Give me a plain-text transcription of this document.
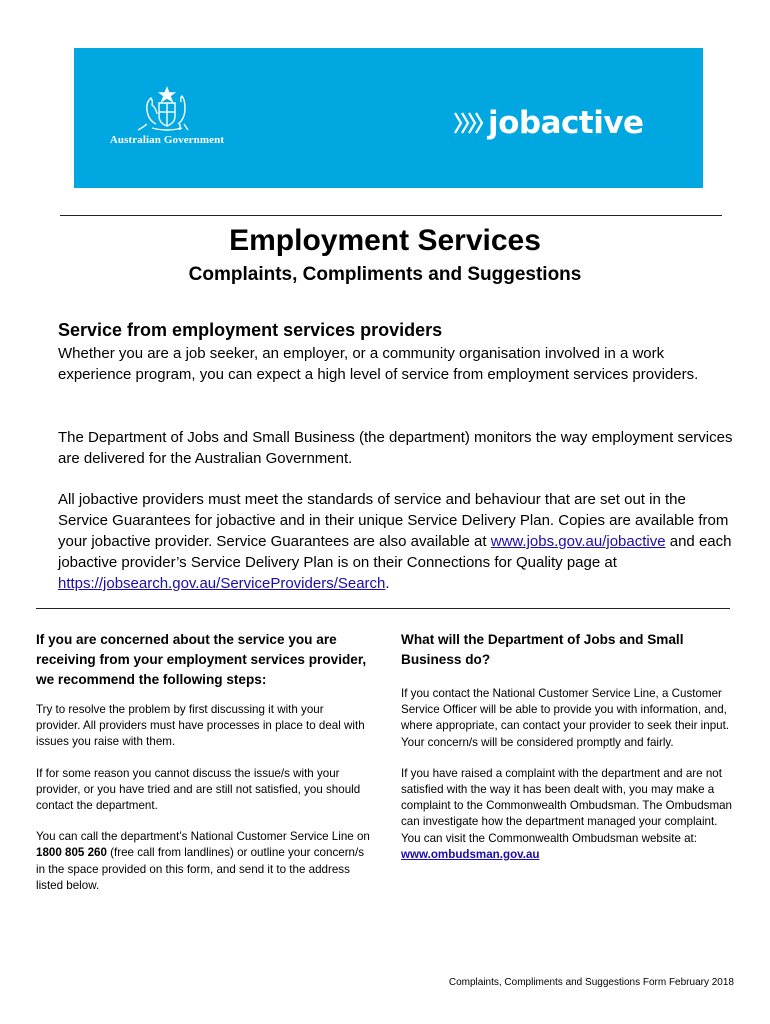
Australian Government	jobactive
Employment Services
Complaints, Compliments and Suggestions
Service from employment services providers
Whether you are a job seeker, an employer, or a community organisation involved in a work experience program, you can expect a high level of service from employment services providers.
The Department of Jobs and Small Business (the department) monitors the way employment services are delivered for the Australian Government.
All jobactive providers must meet the standards of service and behaviour that are set out in the Service Guarantees for jobactive and in their unique Service Delivery Plan. Copies are available from your jobactive provider. Service Guarantees are also available at www.jobs.gov.au/jobactive and each jobactive provider’s Service Delivery Plan is on their Connections for Quality page at https://jobsearch.gov.au/ServiceProviders/Search.

If you are concerned about the service you are receiving from your employment services provider, we recommend the following steps:

Try to resolve the problem by first discussing it with your provider. All providers must have processes in place to deal with issues you raise with them.

If for some reason you cannot discuss the issue/s with your provider, or you have tried and are still not satisfied, you should contact the department.

You can call the department’s National Customer Service Line on 1800 805 260 (free call from landlines) or outline your concern/s in the space provided on this form, and send it to the address listed below.

What will the Department of Jobs and Small Business do?

If you contact the National Customer Service Line, a Customer Service Officer will be able to provide you with information, and, where appropriate, can contact your provider to seek their input. Your concern/s will be considered promptly and fairly.

If you have raised a complaint with the department and are not satisfied with the way it has been dealt with, you may make a complaint to the Commonwealth Ombudsman. The Ombudsman can investigate how the department managed your complaint. You can visit the Commonwealth Ombudsman website at:

www.ombudsman.gov.au

Complaints, Compliments and Suggestions Form February 2018
